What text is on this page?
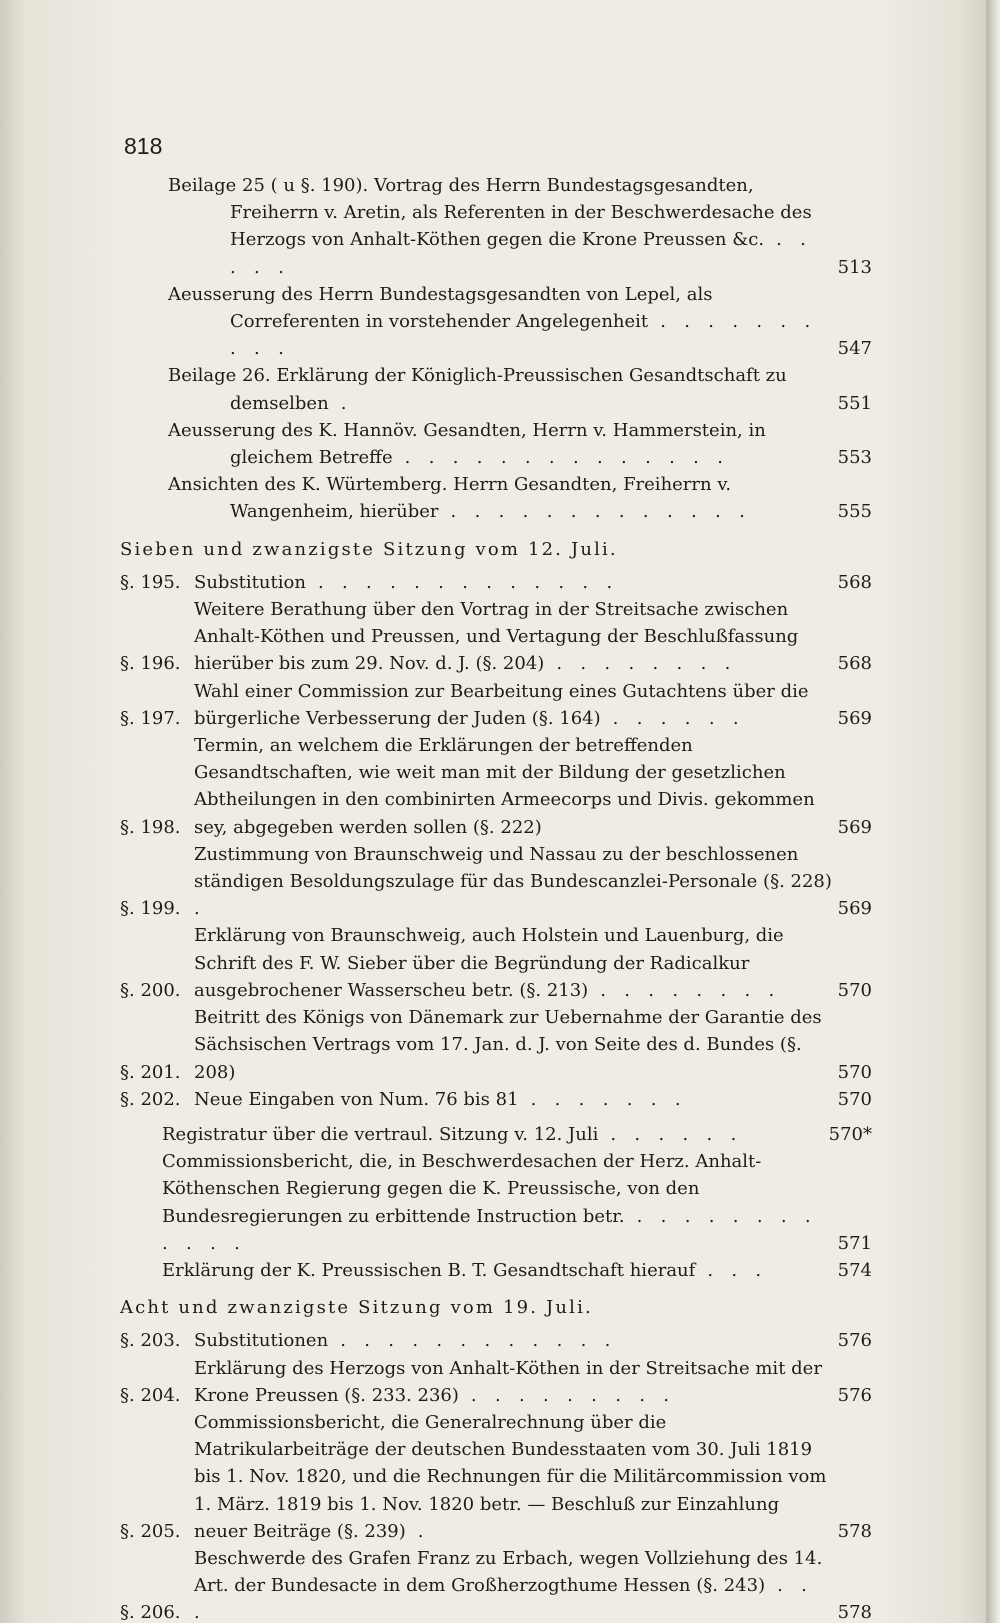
818
Beilage 25 ( u §. 190). Vortrag des Herrn Bundestagsgesandten, Freiherrn v. Aretin, als Referenten in der Beschwerdesache des Herzogs von Anhalt-Köthen gegen die Krone Preussen &c. . . . . .	513
Aeusserung des Herrn Bundestagsgesandten von Lepel, als Correferenten in vorstehender Angelegenheit . . . . . . . . . .	547
Beilage 26. Erklärung der Königlich-Preussischen Gesandtschaft zu demselben .	551
Aeusserung des K. Hannöv. Gesandten, Herrn v. Hammerstein, in gleichem Betreffe . . . . . . . . . . . . . .	553
Ansichten des K. Würtemberg. Herrn Gesandten, Freiherrn v. Wangenheim, hierüber . . . . . . . . . . . . .	555
Sieben und zwanzigste Sitzung vom 12. Juli.
§. 195. Substitution . . . . . . . . . . . . .	568
§. 196.
Weitere Berathung über den Vortrag in der Streitsache zwischen Anhalt-Köthen und Preussen, und Vertagung der Beschlußfassung hierüber bis zum 29. Nov. d. J. (§. 204) . . . . . . . .	568
§. 197.
Wahl einer Commission zur Bearbeitung eines Gutachtens über die bürgerliche Verbesserung der Juden (§. 164) . . . . . .	569
§. 198.
Termin, an welchem die Erklärungen der betreffenden Gesandtschaften, wie weit man mit der Bildung der gesetzlichen Abtheilungen in den combinirten Armeecorps und Divis. gekommen sey, abgegeben werden sollen (§. 222)	569
§. 199.
Zustimmung von Braunschweig und Nassau zu der beschlossenen ständigen Besoldungszulage für das Bundescanzlei-Personale (§. 228) .	569
§. 200.
Erklärung von Braunschweig, auch Holstein und Lauenburg, die Schrift des F. W. Sieber über die Begründung der Radicalkur ausgebrochener Wasserscheu betr. (§. 213) . . . . . . . .	570
§. 201.
Beitritt des Königs von Dänemark zur Uebernahme der Garantie des Sächsischen Vertrags vom 17. Jan. d. J. von Seite des d. Bundes (§. 208)	570
§. 202. Neue Eingaben von Num. 76 bis 81 . . . . . . .	570
Registratur über die vertraul. Sitzung v. 12. Juli . . . . . .	570*
Commissionsbericht, die, in Beschwerdesachen der Herz. Anhalt-Köthenschen Regierung gegen die K. Preussische, von den Bundesregierungen zu erbittende Instruction betr. . . . . . . . . . . . .	571
Erklärung der K. Preussischen B. T. Gesandtschaft hierauf . . .	574
Acht und zwanzigste Sitzung vom 19. Juli.
§. 203. Substitutionen . . . . . . . . . . . .	576
§. 204.
Erklärung des Herzogs von Anhalt-Köthen in der Streitsache mit der Krone Preussen (§. 233. 236) . . . . . . . . .	576
§. 205.
Commissionsbericht, die Generalrechnung über die Matrikularbeiträge der deutschen Bundesstaaten vom 30. Juli 1819 bis 1. Nov. 1820, und die Rechnungen für die Militärcommission vom 1. März. 1819 bis 1. Nov. 1820 betr. — Beschluß zur Einzahlung neuer Beiträge (§. 239) .	578
§. 206.
Beschwerde des Grafen Franz zu Erbach, wegen Vollziehung des 14. Art. der Bundesacte in dem Großherzogthume Hessen (§. 243) . . .	578
